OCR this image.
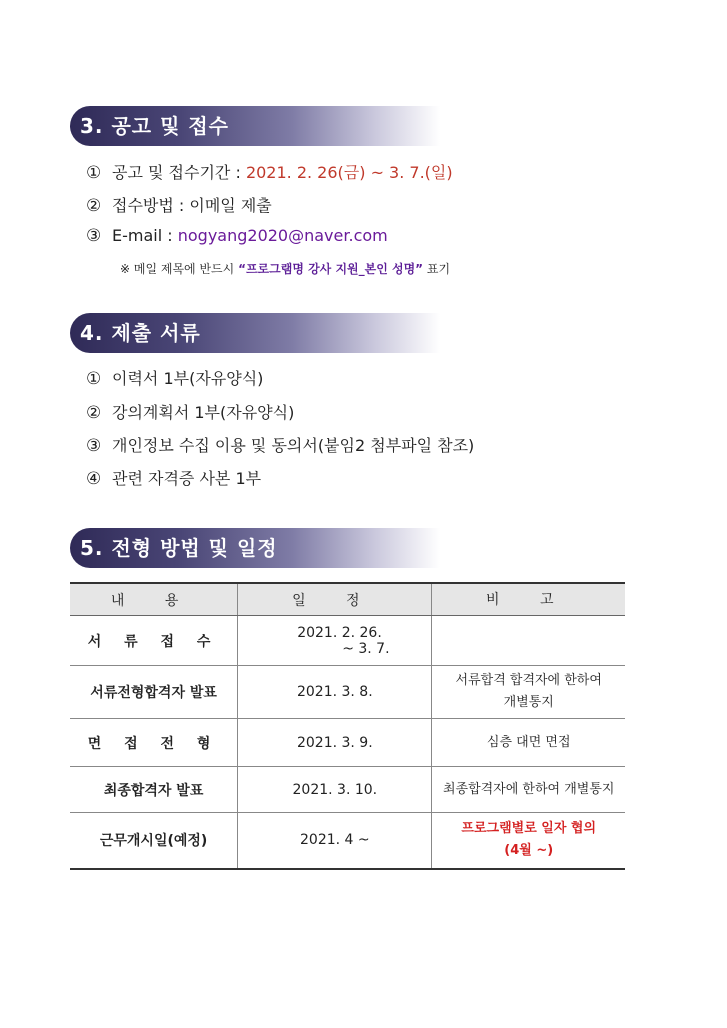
3. 공고 및 접수
① 공고 및 접수기간 : 2021. 2. 26(금) ~ 3. 7.(일)
② 접수방법 : 이메일 제출
③ E-mail : nogyang2020@naver.com
※ 메일 제목에 반드시 “프로그램명 강사 지원_본인 성명” 표기
4. 제출 서류
① 이력서 1부(자유양식)
② 강의계획서 1부(자유양식)
③ 개인정보 수집 이용 및 동의서(붙임2 첨부파일 참조)
④ 관련 자격증 사본 1부
5. 전형 방법 및 일정
내 용	일 정	비 고
서 류 접 수	2021. 2. 26.
~ 3. 7.	

서류전형합격자 발표	2021. 3. 8.	서류합격 합격자에 한하여
개별통지

면 접 전 형	2021. 3. 9.	심층 대면 면접
최종합격자 발표	2021. 3. 10.	최종합격자에 한하여 개별통지
근무개시일(예정)	2021. 4 ~	프로그램별로 일자 협의
(4월 ~)
